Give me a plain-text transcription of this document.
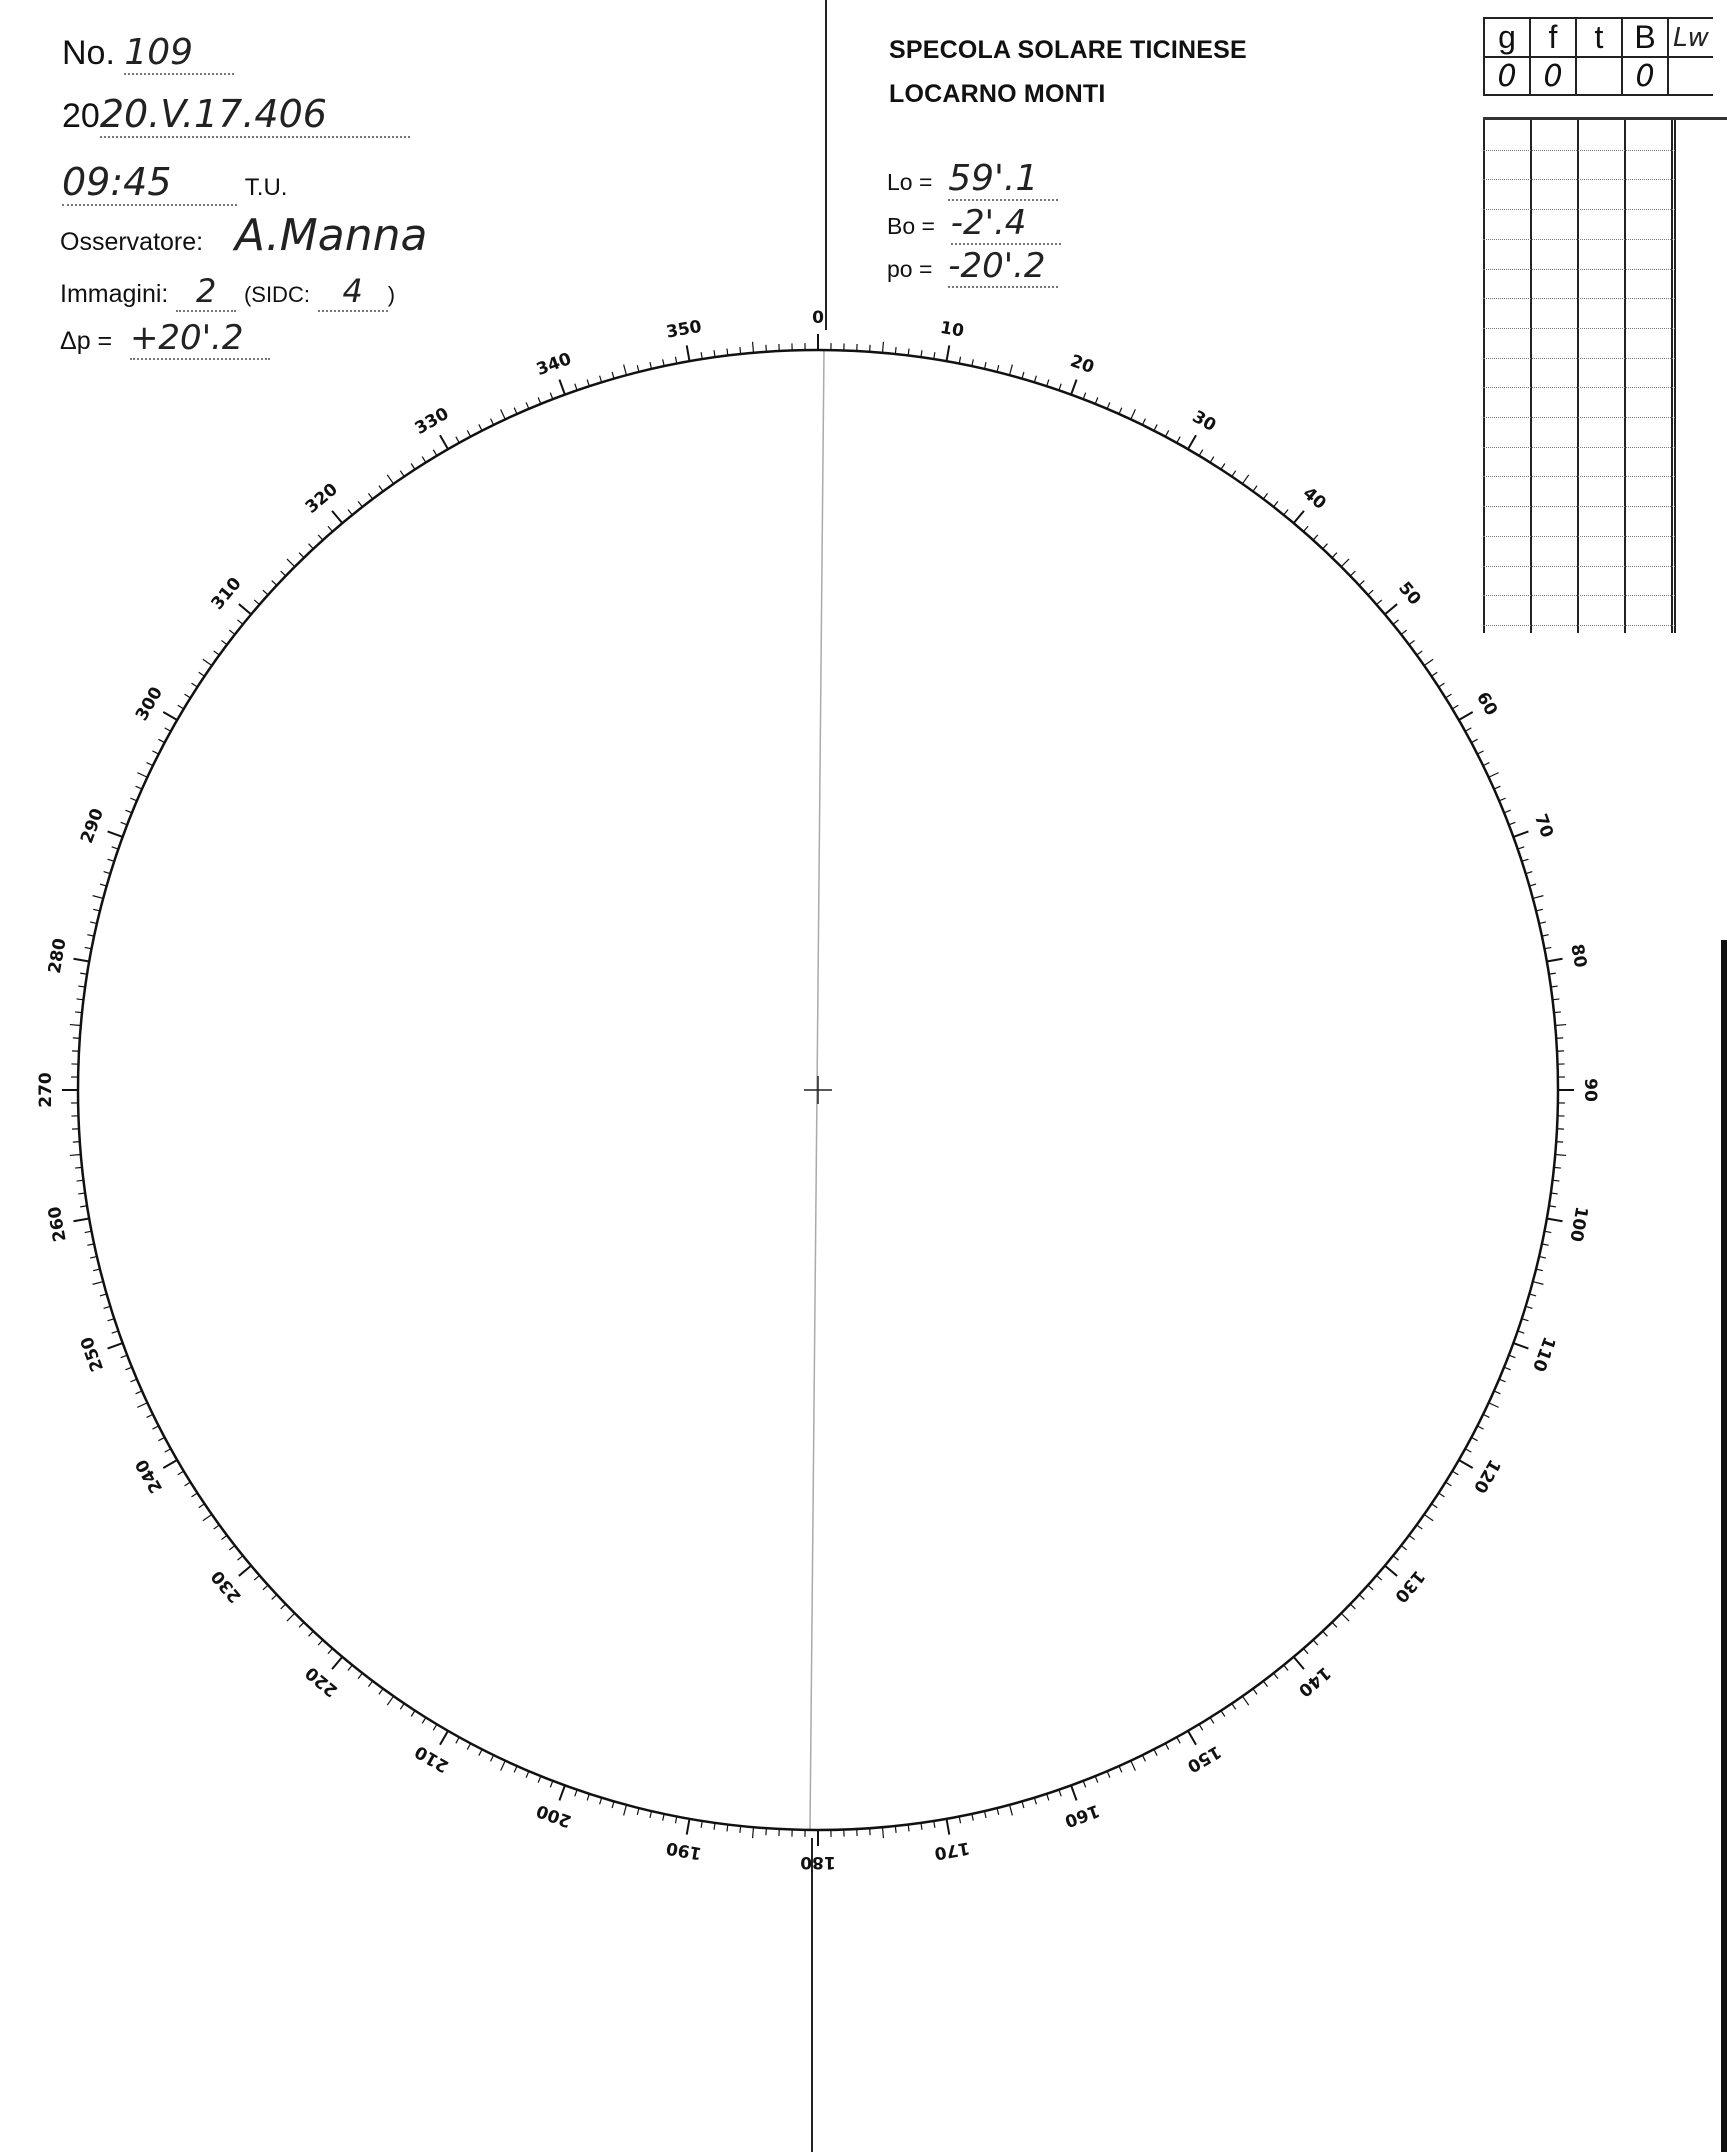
0	10
20
30
40
50
60
70
80
90
100
110
120
130
140
150
160
170
180
190
200
210
220
230
240
250
260
270
280
290
300
310
320
330
340
350
No. 109
2020.V.17.406
09:45	T.U.
Osservatore: A.Manna
Immagini: 2 (SIDC: 4 )
Δp = +20'.2
SPECOLA SOLARE TICINESE
LOCARNO MONTI
Lo = 59'.1
Bo = -2'.4
po = -20'.2
g	f	t	B	Lw
0	0		0	
